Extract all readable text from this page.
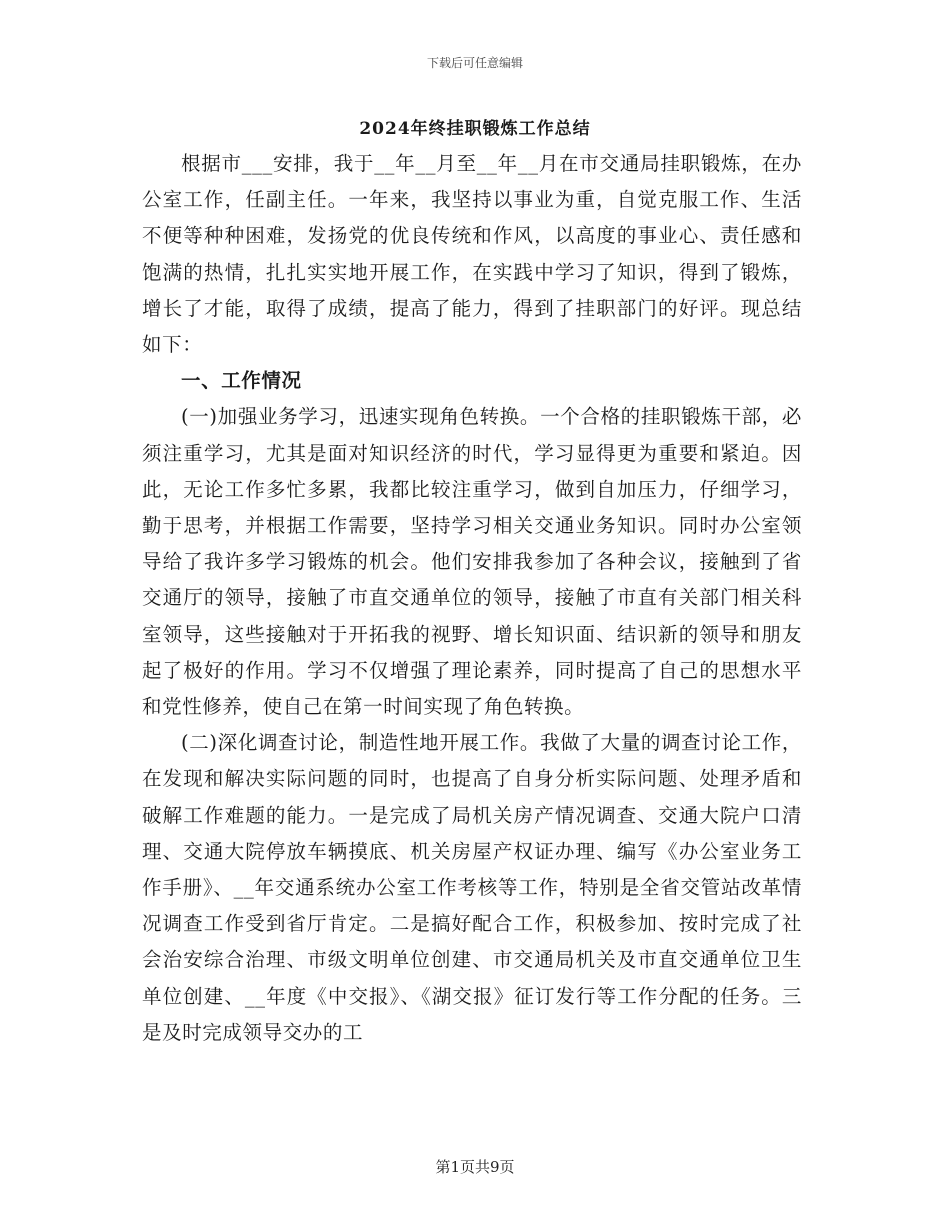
下载后可任意编辑
2024年终挂职锻炼工作总结

根据市___安排，我于__年__月至__年__月在市交通局挂职锻炼，在办公室工作，任副主任。一年来，我坚持以事业为重，自觉克服工作、生活不便等种种困难，发扬党的优良传统和作风，以高度的事业心、责任感和饱满的热情，扎扎实实地开展工作，在实践中学习了知识，得到了锻炼，增长了才能，取得了成绩，提高了能力，得到了挂职部门的好评。现总结如下：

一、工作情况

(一)加强业务学习，迅速实现角色转换。一个合格的挂职锻炼干部，必须注重学习，尤其是面对知识经济的时代，学习显得更为重要和紧迫。因此，无论工作多忙多累，我都比较注重学习，做到自加压力，仔细学习，勤于思考，并根据工作需要，坚持学习相关交通业务知识。同时办公室领导给了我许多学习锻炼的机会。他们安排我参加了各种会议，接触到了省交通厅的领导，接触了市直交通单位的领导，接触了市直有关部门相关科室领导，这些接触对于开拓我的视野、增长知识面、结识新的领导和朋友起了极好的作用。学习不仅增强了理论素养，同时提高了自己的思想水平和党性修养，使自己在第一时间实现了角色转换。

(二)深化调查讨论，制造性地开展工作。我做了大量的调查讨论工作，在发现和解决实际问题的同时，也提高了自身分析实际问题、处理矛盾和破解工作难题的能力。一是完成了局机关房产情况调查、交通大院户口清理、交通大院停放车辆摸底、机关房屋产权证办理、编写《办公室业务工作手册》、__年交通系统办公室工作考核等工作，特别是全省交管站改革情况调查工作受到省厅肯定。二是搞好配合工作，积极参加、按时完成了社会治安综合治理、市级文明单位创建、市交通局机关及市直交通单位卫生单位创建、__年度《中交报》、《湖交报》征订发行等工作分配的任务。三是及时完成领导交办的工

第1页共9页
